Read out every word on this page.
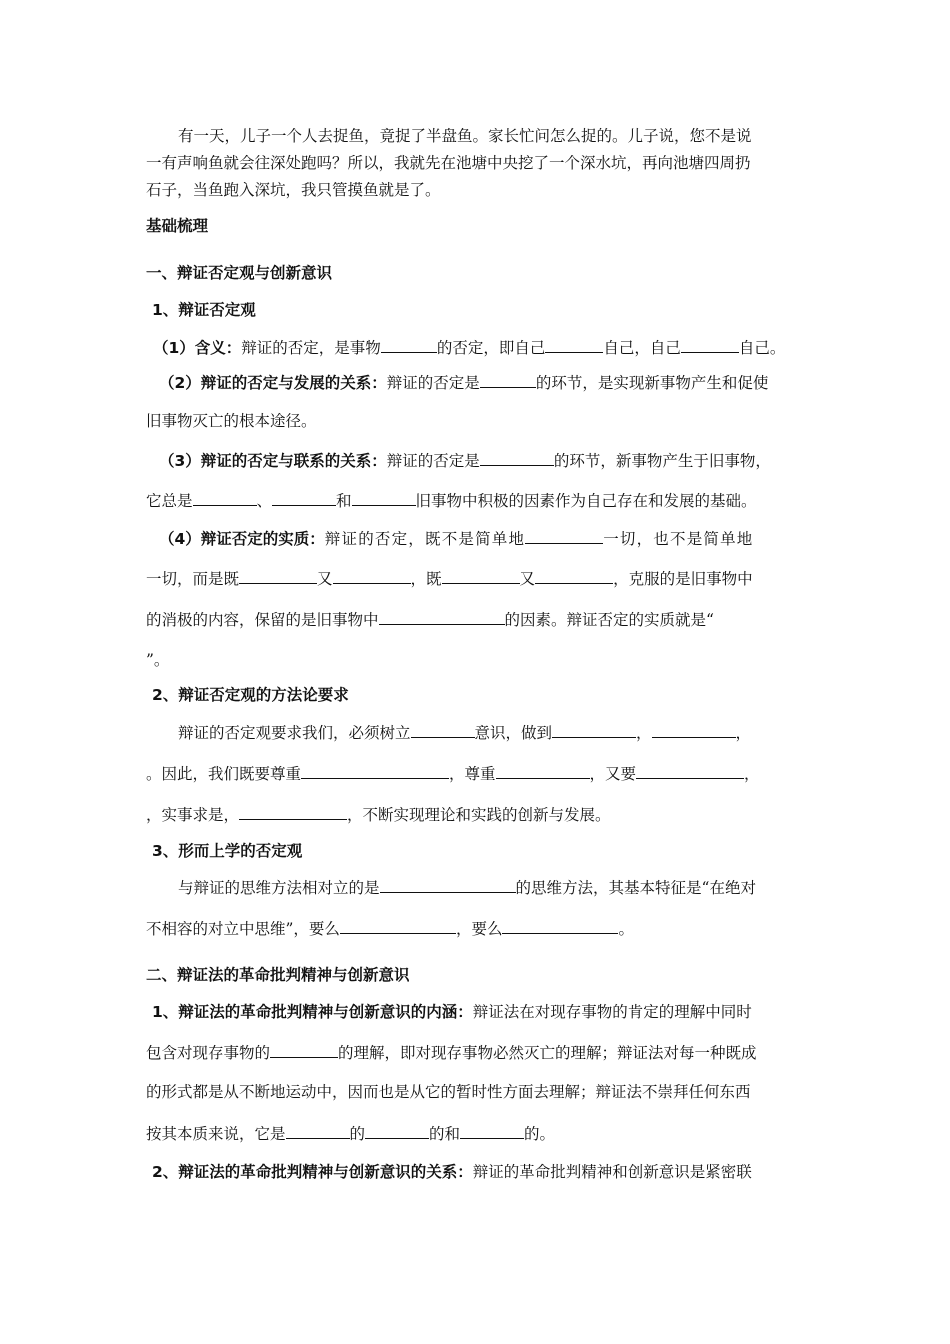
有一天，儿子一个人去捉鱼，竟捉了半盘鱼。家长忙问怎么捉的。儿子说，您不是说
一有声响鱼就会往深处跑吗？所以，我就先在池塘中央挖了一个深水坑，再向池塘四周扔
石子，当鱼跑入深坑，我只管摸鱼就是了。
基础梳理
一、辩证否定观与创新意识
1、辩证否定观
（1）含义：辩证的否定，是事物	的否定，即自己	自己，自己	自己。
（2）辩证的否定与发展的关系：辩证的否定是	的环节，是实现新事物产生和促使
旧事物灭亡的根本途径。
（3）辩证的否定与联系的关系：辩证的否定是	的环节，新事物产生于旧事物，
它总是	、	和	旧事物中积极的因素作为自己存在和发展的基础。
（4）辩证否定的实质：辩证的否定，既不是简单地	一切，也不是简单地
一切，而是既	又	，既	又	，克服的是旧事物中
的消极的内容，保留的是旧事物中	的因素。辩证否定的实质就是“
”。
2、辩证否定观的方法论要求
辩证的否定观要求我们，必须树立	意识，做到	，	，
。因此，我们既要尊重	，尊重	，又要	，
，实事求是，	，不断实现理论和实践的创新与发展。
3、形而上学的否定观
与辩证的思维方法相对立的是	的思维方法，其基本特征是“在绝对
不相容的对立中思维”，要么	，要么	。
二、辩证法的革命批判精神与创新意识
1、辩证法的革命批判精神与创新意识的内涵：辩证法在对现存事物的肯定的理解中同时
包含对现存事物的	的理解，即对现存事物必然灭亡的理解；辩证法对每一种既成
的形式都是从不断地运动中，因而也是从它的暂时性方面去理解；辩证法不崇拜任何东西
按其本质来说，它是	的	的和	的。
2、辩证法的革命批判精神与创新意识的关系：辩证的革命批判精神和创新意识是紧密联
